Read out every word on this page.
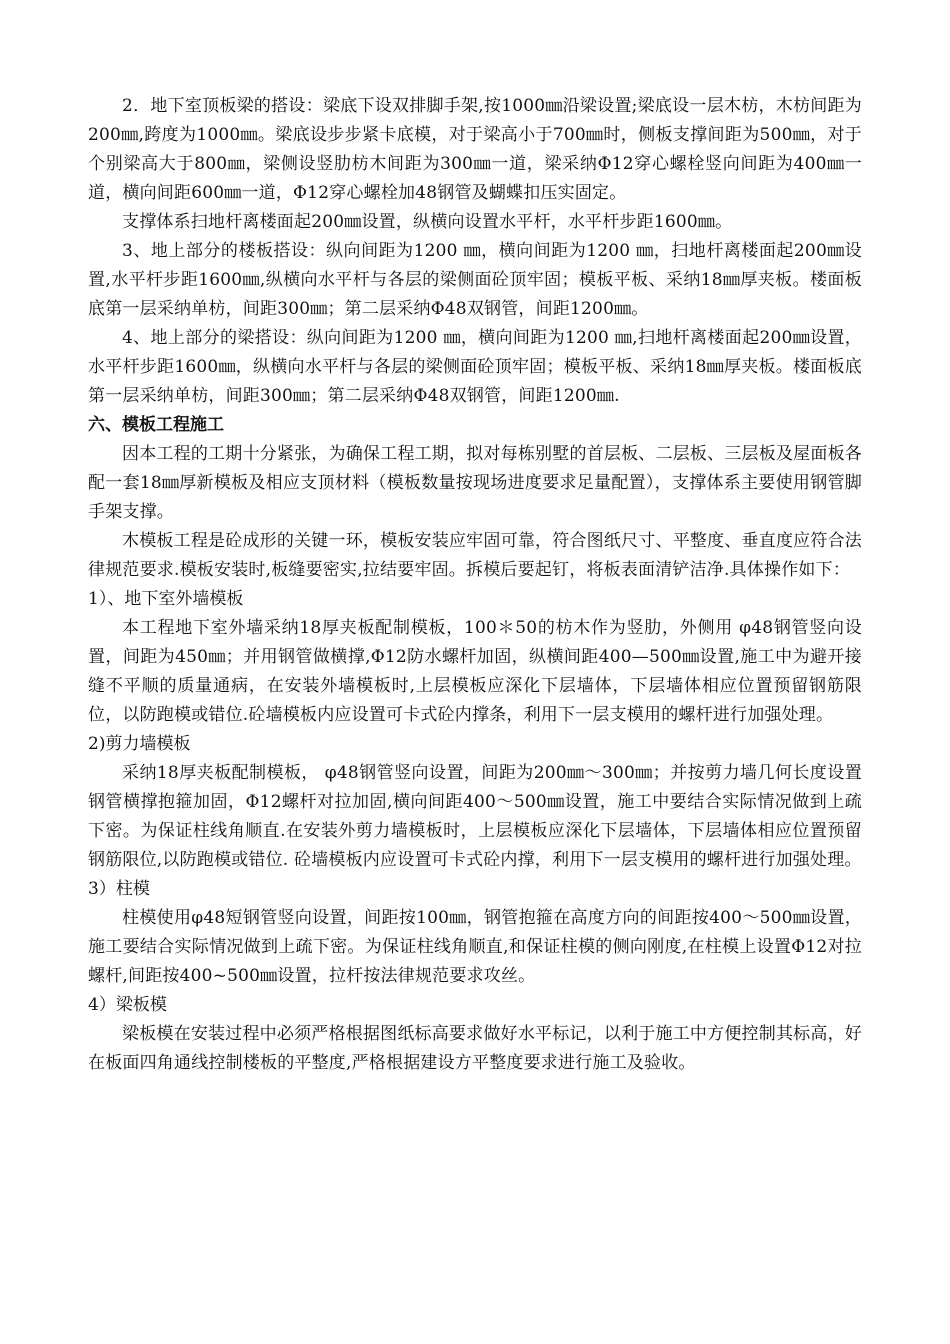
2．地下室顶板梁的搭设：梁底下设双排脚手架,按1000㎜沿梁设置;梁底设一层木枋，木枋间距为200㎜,跨度为1000㎜。梁底设步步紧卡底模，对于梁高小于700㎜时，侧板支撑间距为500㎜，对于个别梁高大于800㎜，梁侧设竖肋枋木间距为300㎜一道，梁采纳Φ12穿心螺栓竖向间距为400㎜一道，横向间距600㎜一道，Φ12穿心螺栓加48钢管及蝴蝶扣压实固定。

支撑体系扫地杆离楼面起200㎜设置，纵横向设置水平杆，水平杆步距1600㎜。

3、地上部分的楼板搭设：纵向间距为1200 ㎜，横向间距为1200 ㎜，扫地杆离楼面起200㎜设置,水平杆步距1600㎜,纵横向水平杆与各层的梁侧面砼顶牢固；模板平板、采纳18㎜厚夹板。楼面板底第一层采纳单枋，间距300㎜；第二层采纳Φ48双钢管，间距1200㎜。

4、地上部分的梁搭设：纵向间距为1200 ㎜，横向间距为1200 ㎜,扫地杆离楼面起200㎜设置，水平杆步距1600㎜，纵横向水平杆与各层的梁侧面砼顶牢固；模板平板、采纳18㎜厚夹板。楼面板底第一层采纳单枋，间距300㎜；第二层采纳Φ48双钢管，间距1200㎜.

六、模板工程施工

因本工程的工期十分紧张，为确保工程工期，拟对每栋别墅的首层板、二层板、三层板及屋面板各配一套18㎜厚新模板及相应支顶材料（模板数量按现场进度要求足量配置），支撑体系主要使用钢管脚手架支撑。

木模板工程是砼成形的关键一环，模板安装应牢固可靠，符合图纸尺寸、平整度、垂直度应符合法律规范要求.模板安装时,板缝要密实,拉结要牢固。拆模后要起钉，将板表面清铲洁净.具体操作如下：

1）、地下室外墙模板

本工程地下室外墙采纳18厚夹板配制模板，100＊50的枋木作为竖肋，外侧用 φ48钢管竖向设置，间距为450㎜；并用钢管做横撑,Φ12防水螺杆加固，纵横间距400—500㎜设置,施工中为避开接缝不平顺的质量通病，在安装外墙模板时,上层模板应深化下层墙体，下层墙体相应位置预留钢筋限位，以防跑模或错位.砼墙模板内应设置可卡式砼内撑条，利用下一层支模用的螺杆进行加强处理。

2)剪力墙模板

采纳18厚夹板配制模板， φ48钢管竖向设置，间距为200㎜～300㎜；并按剪力墙几何长度设置钢管横撑抱箍加固，Φ12螺杆对拉加固,横向间距400～500㎜设置，施工中要结合实际情况做到上疏下密。为保证柱线角顺直.在安装外剪力墙模板时，上层模板应深化下层墙体，下层墙体相应位置预留钢筋限位,以防跑模或错位. 砼墙模板内应设置可卡式砼内撑，利用下一层支模用的螺杆进行加强处理。

3）柱模

柱模使用φ48短钢管竖向设置，间距按100㎜，钢管抱箍在高度方向的间距按400～500㎜设置，施工要结合实际情况做到上疏下密。为保证柱线角顺直,和保证柱模的侧向刚度,在柱模上设置Φ12对拉螺杆,间距按400~500㎜设置，拉杆按法律规范要求攻丝。

4）梁板模

梁板模在安装过程中必须严格根据图纸标高要求做好水平标记，以利于施工中方便控制其标高，好在板面四角通线控制楼板的平整度,严格根据建设方平整度要求进行施工及验收。
